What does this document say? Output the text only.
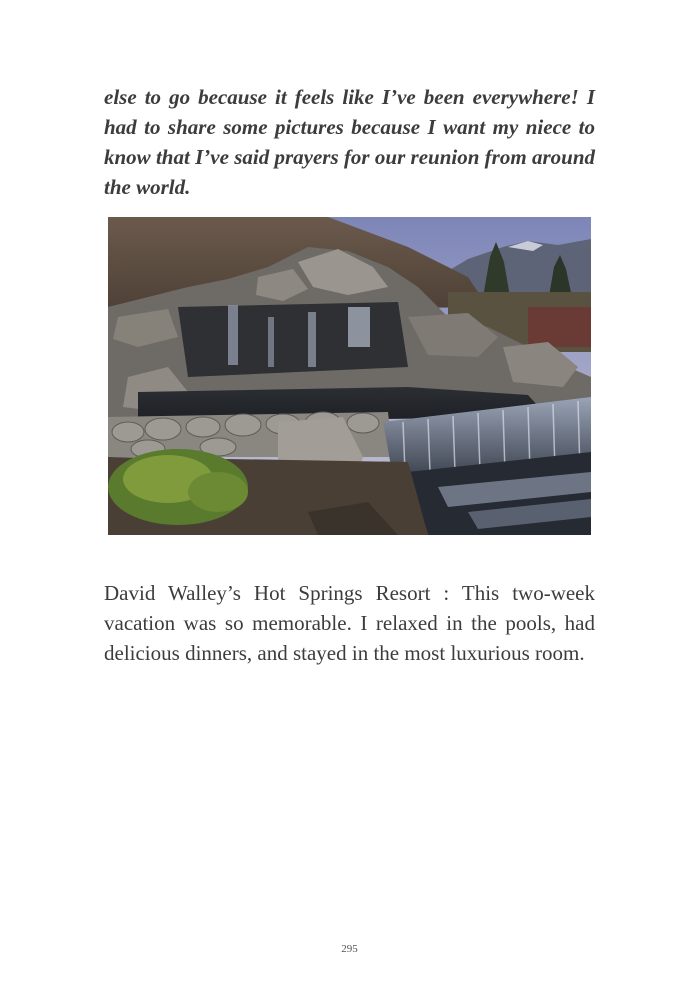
else to go because it feels like I’ve been everywhere! I had to share some pictures because I want my niece to know that I’ve said prayers for our reunion from around the world.

David Walley’s Hot Springs Resort : This two-week vacation was so memorable. I relaxed in the pools, had delicious dinners, and stayed in the most luxurious room.

295
